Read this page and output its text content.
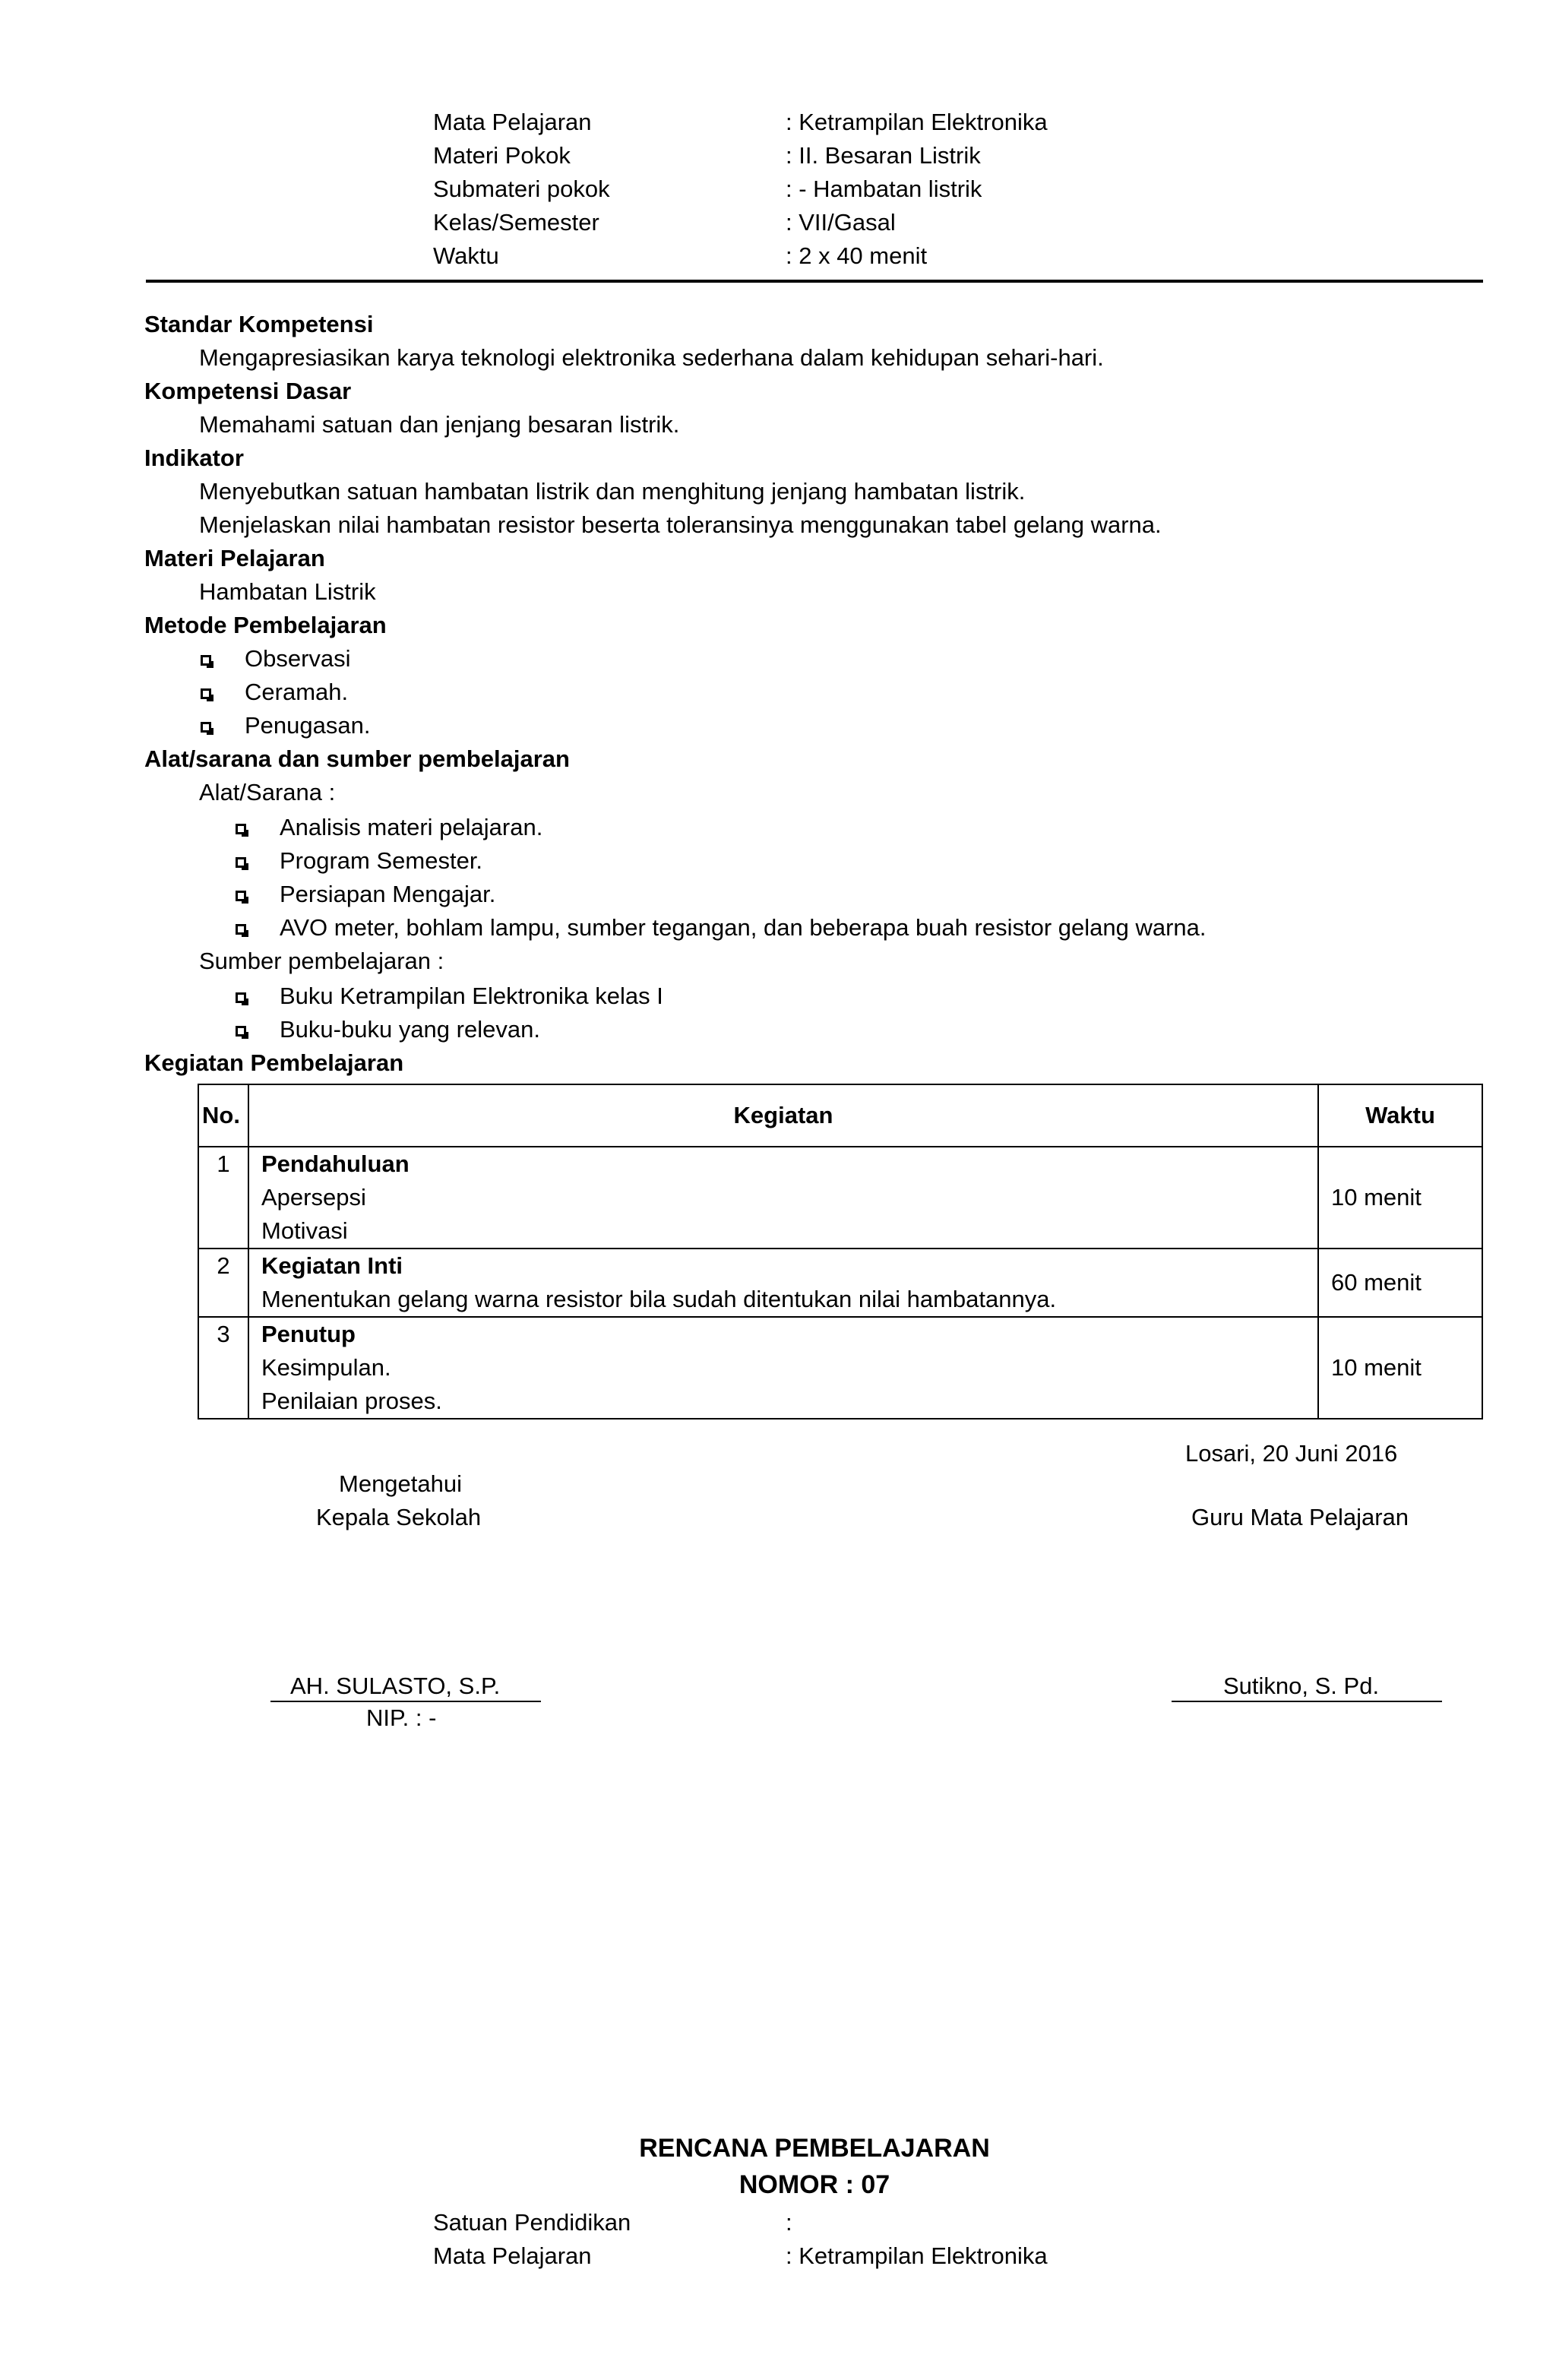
Mata Pelajaran	: Ketrampilan Elektronika
Materi Pokok	: II. Besaran Listrik
Submateri pokok	: - Hambatan listrik
Kelas/Semester	: VII/Gasal
Waktu	: 2 x 40 menit
Standar Kompetensi
Mengapresiasikan karya teknologi elektronika sederhana dalam kehidupan sehari-hari.
Kompetensi Dasar
Memahami satuan dan jenjang besaran listrik.
Indikator
Menyebutkan satuan hambatan listrik dan menghitung jenjang hambatan listrik.
Menjelaskan nilai hambatan resistor beserta toleransinya menggunakan tabel gelang warna.
Materi Pelajaran
Hambatan Listrik
Metode Pembelajaran
Observasi
Ceramah.
Penugasan.
Alat/sarana dan sumber pembelajaran
Alat/Sarana :
Analisis materi pelajaran.
Program Semester.
Persiapan Mengajar.
AVO meter, bohlam lampu, sumber tegangan, dan beberapa buah resistor gelang warna.
Sumber pembelajaran :
Buku Ketrampilan Elektronika kelas I
Buku-buku yang relevan.
Kegiatan Pembelajaran
No.	Kegiatan	Waktu
1	Pendahuluan
Apersepsi
Motivasi	10 menit
2	Kegiatan Inti
Menentukan gelang warna resistor bila sudah ditentukan nilai hambatannya.	60 menit
3	Penutup
Kesimpulan.
Penilaian proses.	10 menit
Losari, 20 Juni 2016
Mengetahui
Kepala Sekolah	Guru Mata Pelajaran
AH. SULASTO, S.P.
NIP. : -
Sutikno, S. Pd.
RENCANA PEMBELAJARAN
NOMOR : 07
Satuan Pendidikan	:
Mata Pelajaran	: Ketrampilan Elektronika
